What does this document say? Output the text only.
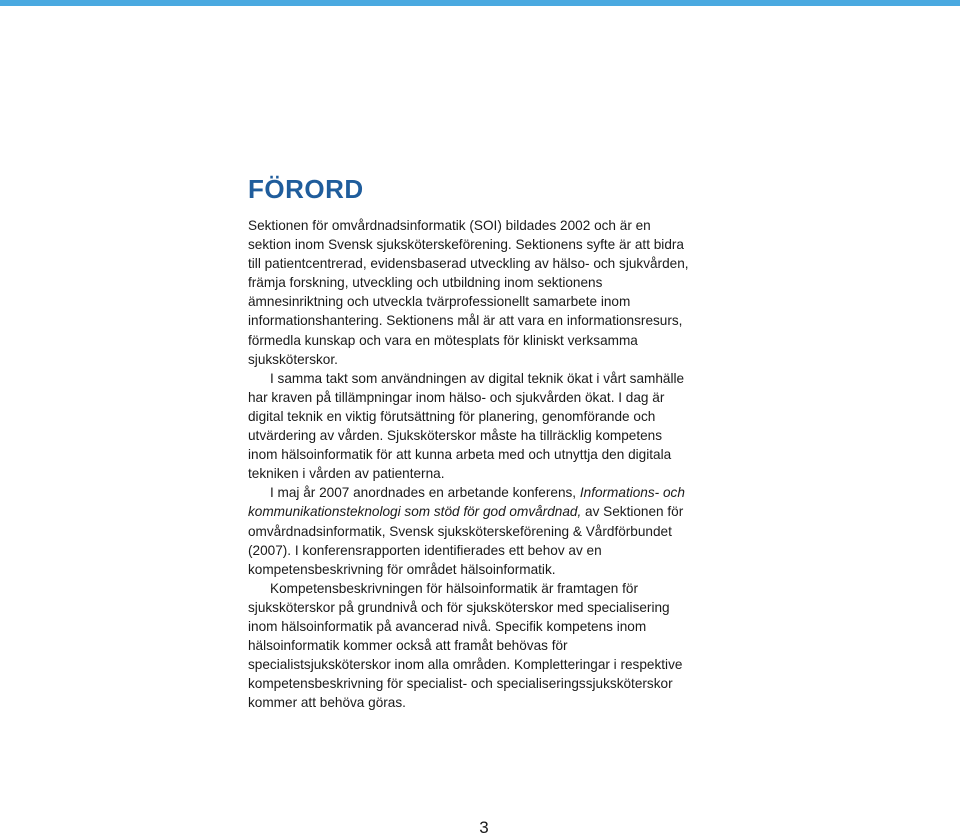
FÖRORD

Sektionen för omvårdnadsinformatik (SOI) bildades 2002 och är en sektion inom Svensk sjuksköterskeförening. Sektionens syfte är att bidra till patientcentrerad, evidensbaserad utveckling av hälso- och sjukvården, främja forskning, utveckling och utbildning inom sektionens ämnesinriktning och utveckla tvärprofessionellt samarbete inom informationshantering. Sektionens mål är att vara en informationsresurs, förmedla kunskap och vara en mötesplats för kliniskt verksamma sjuksköterskor.

I samma takt som användningen av digital teknik ökat i vårt samhälle har kraven på tillämpningar inom hälso- och sjukvården ökat. I dag är digital teknik en viktig förutsättning för planering, genomförande och utvärdering av vården. Sjuksköterskor måste ha tillräcklig kompetens inom hälsoinformatik för att kunna arbeta med och utnyttja den digitala tekniken i vården av patienterna.

I maj år 2007 anordnades en arbetande konferens, Informations- och kommunikationsteknologi som stöd för god omvårdnad, av Sektionen för omvårdnadsinformatik, Svensk sjuksköterskeförening & Vårdförbundet (2007). I konferensrapporten identifierades ett behov av en kompetensbeskrivning för området hälsoinformatik.

Kompetensbeskrivningen för hälsoinformatik är framtagen för sjuksköterskor på grundnivå och för sjuksköterskor med specialisering inom hälsoinformatik på avancerad nivå. Specifik kompetens inom hälsoinformatik kommer också att framåt behövas för specialistsjuksköterskor inom alla områden. Kompletteringar i respektive kompetensbeskrivning för specialist- och specialiseringssjuksköterskor kommer att behöva göras.

3
